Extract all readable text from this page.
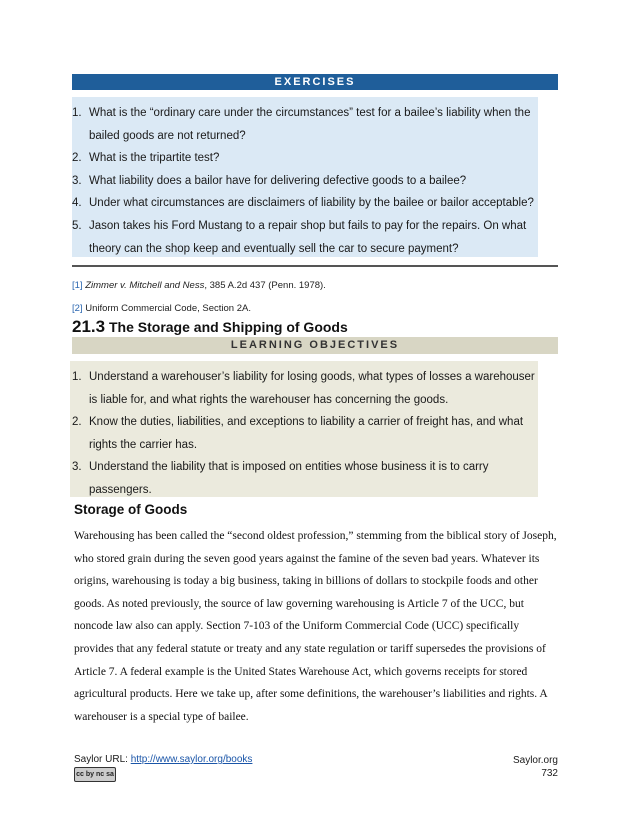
EXERCISES
1. What is the “ordinary care under the circumstances” test for a bailee’s liability when the bailed goods are not returned?
2. What is the tripartite test?
3. What liability does a bailor have for delivering defective goods to a bailee?
4. Under what circumstances are disclaimers of liability by the bailee or bailor acceptable?
5. Jason takes his Ford Mustang to a repair shop but fails to pay for the repairs. On what theory can the shop keep and eventually sell the car to secure payment?
[1] Zimmer v. Mitchell and Ness, 385 A.2d 437 (Penn. 1978).
[2] Uniform Commercial Code, Section 2A.
21.3 The Storage and Shipping of Goods
LEARNING OBJECTIVES
1. Understand a warehouser’s liability for losing goods, what types of losses a warehouser is liable for, and what rights the warehouser has concerning the goods.
2. Know the duties, liabilities, and exceptions to liability a carrier of freight has, and what rights the carrier has.
3. Understand the liability that is imposed on entities whose business it is to carry passengers.
Storage of Goods

Warehousing has been called the “second oldest profession,” stemming from the biblical story of Joseph, who stored grain during the seven good years against the famine of the seven bad years. Whatever its origins, warehousing is today a big business, taking in billions of dollars to stockpile foods and other goods. As noted previously, the source of law governing warehousing is Article 7 of the UCC, but noncode law also can apply. Section 7-103 of the Uniform Commercial Code (UCC) specifically provides that any federal statute or treaty and any state regulation or tariff supersedes the provisions of Article 7. A federal example is the United States Warehouse Act, which governs receipts for stored agricultural products. Here we take up, after some definitions, the warehouser’s liabilities and rights. A warehouser is a special type of bailee.

Saylor URL: http://www.saylor.org/books
cc by nc sa
Saylor.org
732
